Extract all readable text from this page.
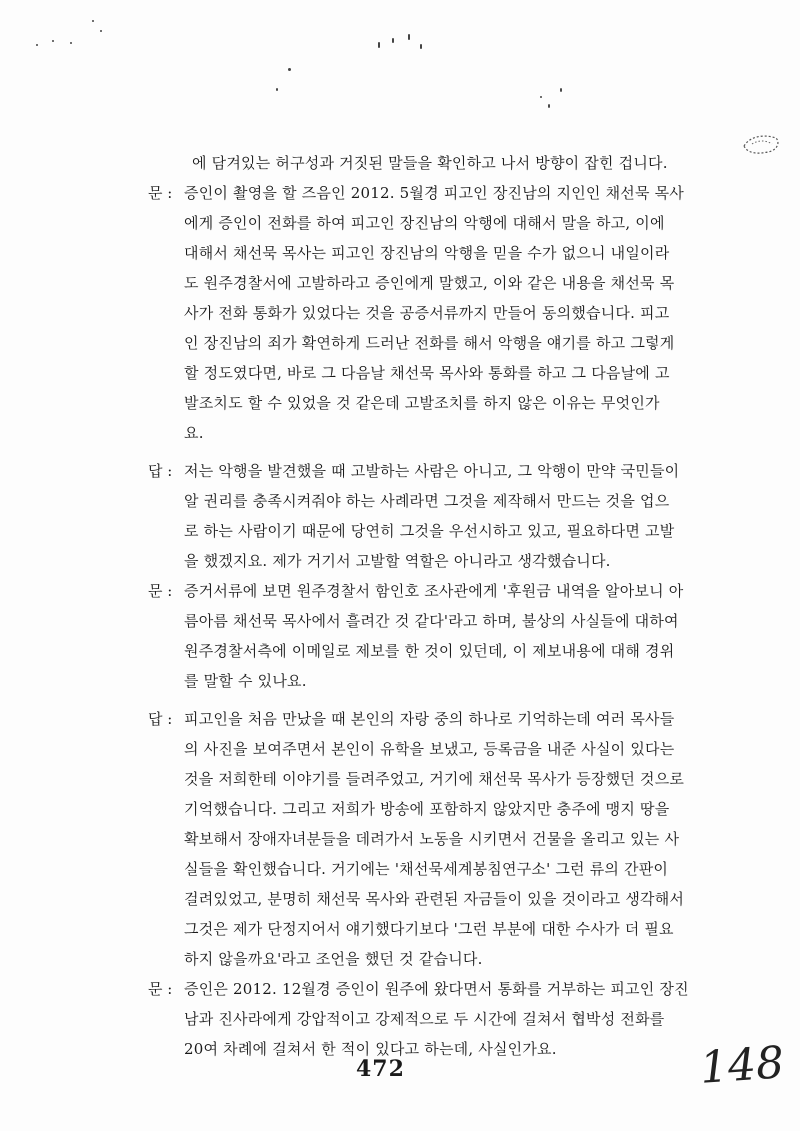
에 담겨있는 허구성과 거짓된 말들을 확인하고 나서 방향이 잡힌 겁니다.
문 : 증인이 촬영을 할 즈음인 2012. 5월경 피고인 장진남의 지인인 채선묵 목사
에게 증인이 전화를 하여 피고인 장진남의 악행에 대해서 말을 하고, 이에
대해서 채선묵 목사는 피고인 장진남의 악행을 믿을 수가 없으니 내일이라
도 원주경찰서에 고발하라고 증인에게 말했고, 이와 같은 내용을 채선묵 목
사가 전화 통화가 있었다는 것을 공증서류까지 만들어 동의했습니다. 피고
인 장진남의 죄가 확연하게 드러난 전화를 해서 악행을 얘기를 하고 그렇게
할 정도였다면, 바로 그 다음날 채선묵 목사와 통화를 하고 그 다음날에 고
발조치도 할 수 있었을 것 같은데 고발조치를 하지 않은 이유는 무엇인가
요.
답 : 저는 악행을 발견했을 때 고발하는 사람은 아니고, 그 악행이 만약 국민들이
알 권리를 충족시켜줘야 하는 사례라면 그것을 제작해서 만드는 것을 업으
로 하는 사람이기 때문에 당연히 그것을 우선시하고 있고, 필요하다면 고발
을 했겠지요. 제가 거기서 고발할 역할은 아니라고 생각했습니다.
문 : 증거서류에 보면 원주경찰서 함인호 조사관에게 '후원금 내역을 알아보니 아
름아름 채선묵 목사에서 흘려간 것 같다'라고 하며, 불상의 사실들에 대하여
원주경찰서측에 이메일로 제보를 한 것이 있던데, 이 제보내용에 대해 경위
를 말할 수 있나요.
답 : 피고인을 처음 만났을 때 본인의 자랑 중의 하나로 기억하는데 여러 목사들
의 사진을 보여주면서 본인이 유학을 보냈고, 등록금을 내준 사실이 있다는
것을 저희한테 이야기를 들려주었고, 거기에 채선묵 목사가 등장했던 것으로
기억했습니다. 그리고 저희가 방송에 포함하지 않았지만 충주에 맹지 땅을
확보해서 장애자녀분들을 데려가서 노동을 시키면서 건물을 올리고 있는 사
실들을 확인했습니다. 거기에는 '채선묵세계봉침연구소' 그런 류의 간판이
걸려있었고, 분명히 채선묵 목사와 관련된 자금들이 있을 것이라고 생각해서
그것은 제가 단정지어서 얘기했다기보다 '그런 부분에 대한 수사가 더 필요
하지 않을까요'라고 조언을 했던 것 같습니다.
문 : 증인은 2012. 12월경 증인이 원주에 왔다면서 통화를 거부하는 피고인 장진
남과 진사라에게 강압적이고 강제적으로 두 시간에 걸쳐서 협박성 전화를
20여 차례에 걸쳐서 한 적이 있다고 하는데, 사실인가요.
472	148
